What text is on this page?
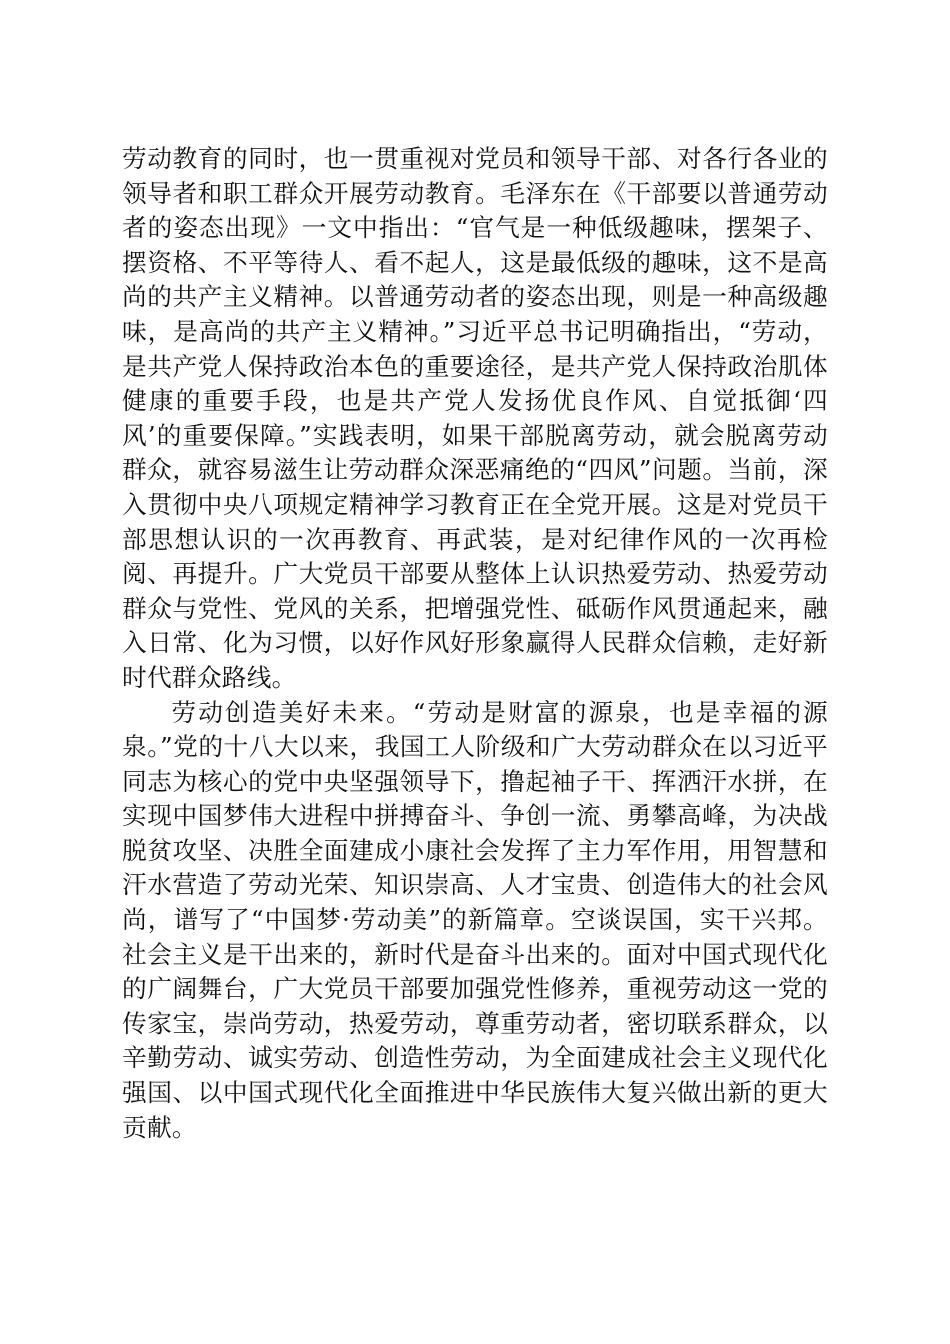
劳动教育的同时，也一贯重视对党员和领导干部、对各行各业的领导者和职工群众开展劳动教育。毛泽东在《干部要以普通劳动者的姿态出现》一文中指出：“官气是一种低级趣味，摆架子、摆资格、不平等待人、看不起人，这是最低级的趣味，这不是高尚的共产主义精神。以普通劳动者的姿态出现，则是一种高级趣味，是高尚的共产主义精神。”习近平总书记明确指出，“劳动，是共产党人保持政治本色的重要途径，是共产党人保持政治肌体健康的重要手段，也是共产党人发扬优良作风、自觉抵御‘四风’的重要保障。”实践表明，如果干部脱离劳动，就会脱离劳动群众，就容易滋生让劳动群众深恶痛绝的“四风”问题。当前，深入贯彻中央八项规定精神学习教育正在全党开展。这是对党员干部思想认识的一次再教育、再武装，是对纪律作风的一次再检阅、再提升。广大党员干部要从整体上认识热爱劳动、热爱劳动群众与党性、党风的关系，把增强党性、砥砺作风贯通起来，融入日常、化为习惯，以好作风好形象赢得人民群众信赖，走好新时代群众路线。

劳动创造美好未来。“劳动是财富的源泉，也是幸福的源泉。”党的十八大以来，我国工人阶级和广大劳动群众在以习近平同志为核心的党中央坚强领导下，撸起袖子干、挥洒汗水拼，在实现中国梦伟大进程中拼搏奋斗、争创一流、勇攀高峰，为决战脱贫攻坚、决胜全面建成小康社会发挥了主力军作用，用智慧和汗水营造了劳动光荣、知识崇高、人才宝贵、创造伟大的社会风尚，谱写了“中国梦·劳动美”的新篇章。空谈误国，实干兴邦。社会主义是干出来的，新时代是奋斗出来的。面对中国式现代化的广阔舞台，广大党员干部要加强党性修养，重视劳动这一党的传家宝，崇尚劳动，热爱劳动，尊重劳动者，密切联系群众，以辛勤劳动、诚实劳动、创造性劳动，为全面建成社会主义现代化强国、以中国式现代化全面推进中华民族伟大复兴做出新的更大贡献。
